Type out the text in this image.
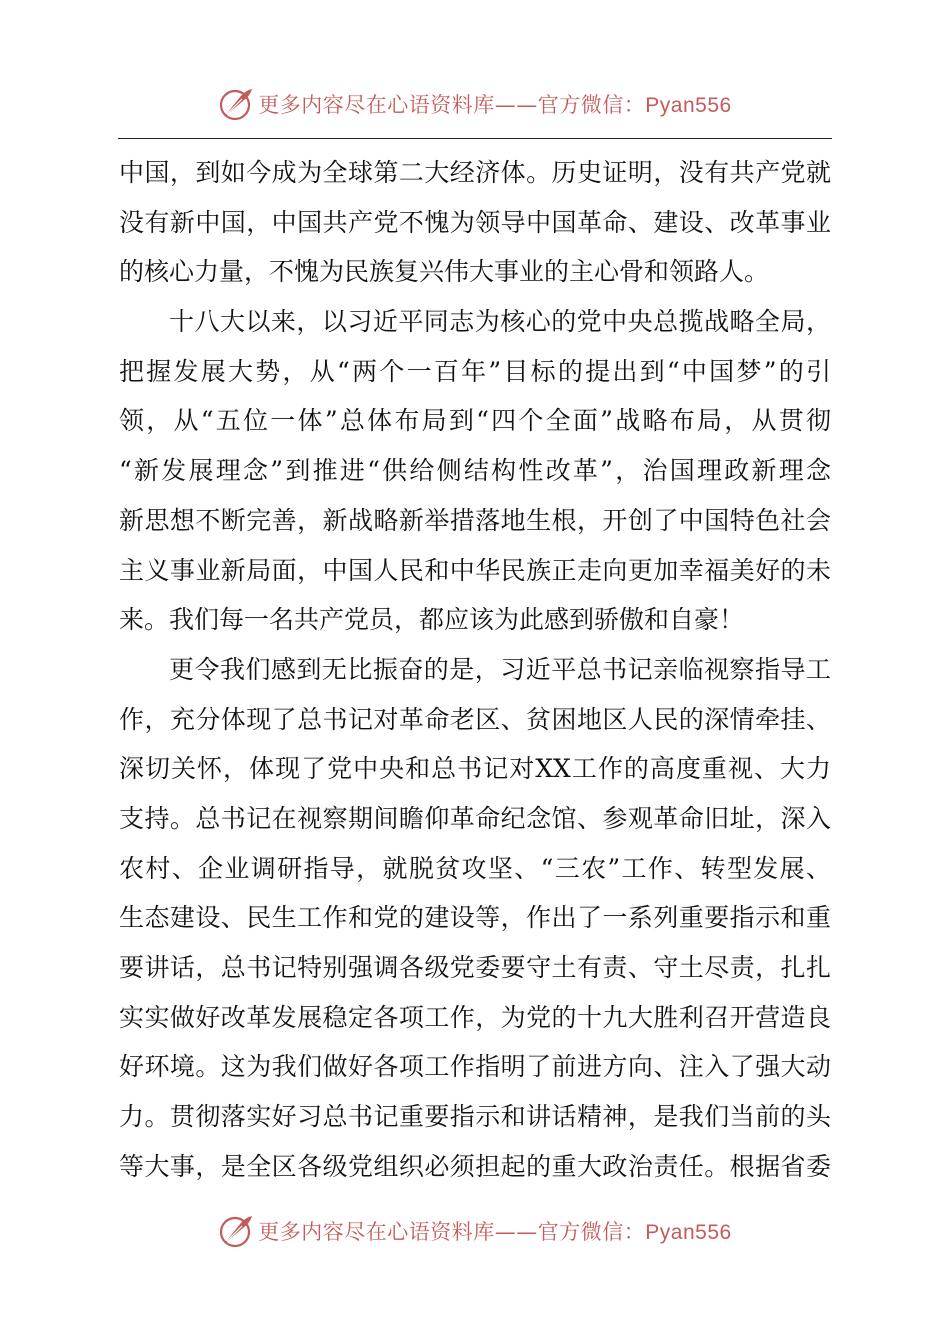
更多内容尽在心语资料库——官方微信：Pyan556
中国，到如今成为全球第二大经济体。历史证明，没有共产党就
没有新中国，中国共产党不愧为领导中国革命、建设、改革事业
的核心力量，不愧为民族复兴伟大事业的主心骨和领路人。
十八大以来，以习近平同志为核心的党中央总揽战略全局，
把握发展大势，从“两个一百年”目标的提出到“中国梦”的引
领，从“五位一体”总体布局到“四个全面”战略布局，从贯彻
“新发展理念”到推进“供给侧结构性改革”，治国理政新理念
新思想不断完善，新战略新举措落地生根，开创了中国特色社会
主义事业新局面，中国人民和中华民族正走向更加幸福美好的未
来。我们每一名共产党员，都应该为此感到骄傲和自豪！
更令我们感到无比振奋的是，习近平总书记亲临视察指导工
作，充分体现了总书记对革命老区、贫困地区人民的深情牵挂、
深切关怀，体现了党中央和总书记对XX工作的高度重视、大力
支持。总书记在视察期间瞻仰革命纪念馆、参观革命旧址，深入
农村、企业调研指导，就脱贫攻坚、“三农”工作、转型发展、
生态建设、民生工作和党的建设等，作出了一系列重要指示和重
要讲话，总书记特别强调各级党委要守土有责、守土尽责，扎扎
实实做好改革发展稳定各项工作，为党的十九大胜利召开营造良
好环境。这为我们做好各项工作指明了前进方向、注入了强大动
力。贯彻落实好习总书记重要指示和讲话精神，是我们当前的头
等大事，是全区各级党组织必须担起的重大政治责任。根据省委
更多内容尽在心语资料库——官方微信：Pyan556
